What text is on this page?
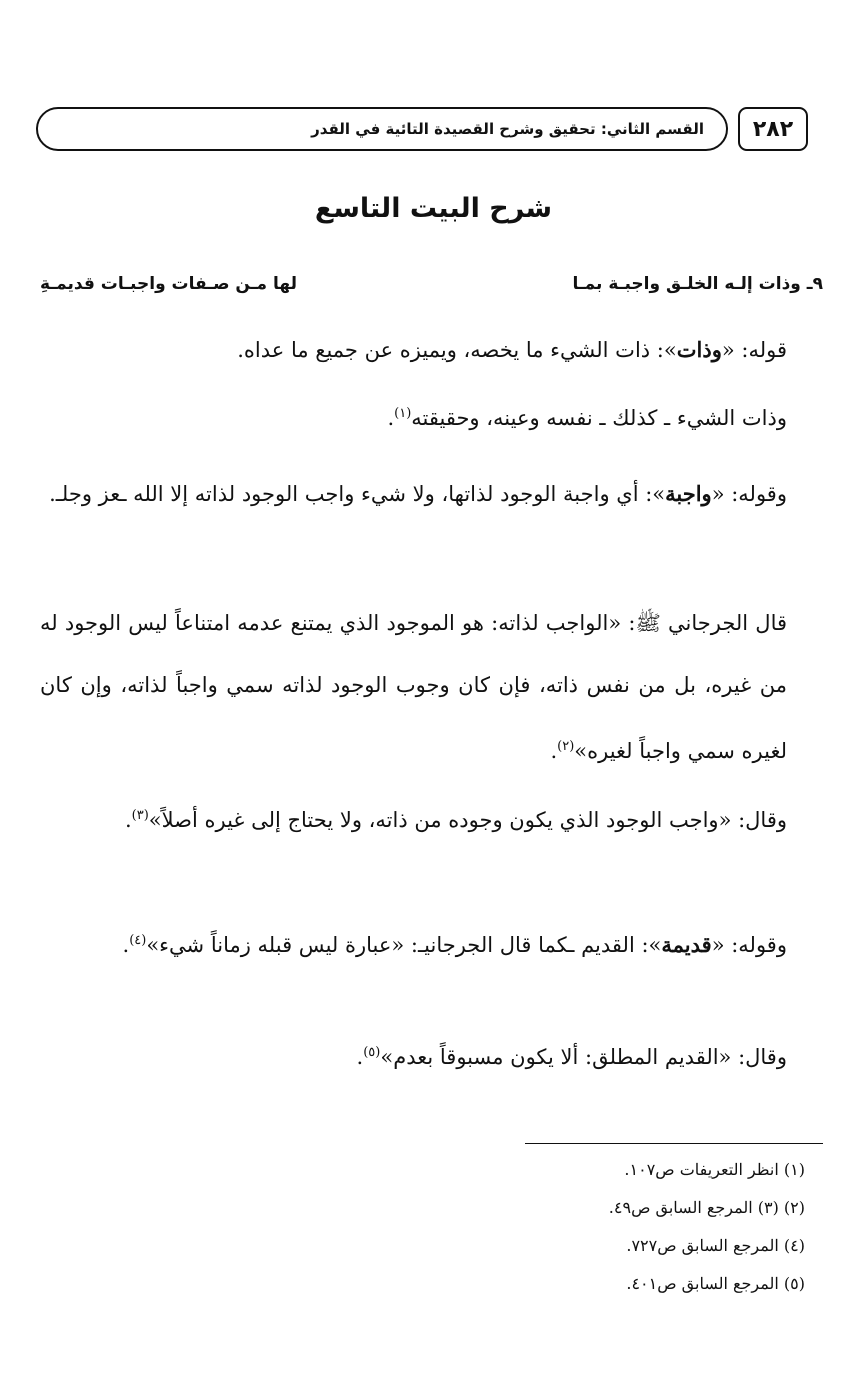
٢٨٢
القسم الثاني: تحقيق وشرح القصيدة التائية في القدر
شرح البيت التاسع
٩ـ وذات إلـه الخلـق واجبـة بمـا
لها مـن صـفات واجبـات قديمـةِ
قوله: «وذات»: ذات الشيء ما يخصه، ويميزه عن جميع ما عداه.
وذات الشيء ـ كذلك ـ نفسه وعينه، وحقيقته$^{(١)}$.
وقوله: «واجبة»: أي واجبة الوجود لذاتها، ولا شيء واجب الوجود لذاته إلا الله ـعز وجلـ.
قال الجرجاني ﷺ: «الواجب لذاته: هو الموجود الذي يمتنع عدمه امتناعاً ليس الوجود له من غيره، بل من نفس ذاته، فإن كان وجوب الوجود لذاته سمي واجباً لذاته، وإن كان لغيره سمي واجباً لغيره»$^{(٢)}$.
وقال: «واجب الوجود الذي يكون وجوده من ذاته، ولا يحتاج إلى غيره أصلاً»$^{(٣)}$.
وقوله: «قديمة»: القديم ـكما قال الجرجانيـ: «عبارة ليس قبله زماناً شيء»$^{(٤)}$.
وقال: «القديم المطلق: ألا يكون مسبوقاً بعدم»$^{(٥)}$.
(١) انظر التعريفات ص١٠٧.
(٢) (٣) المرجع السابق ص٤٩.
(٤) المرجع السابق ص٧٢٧.
(٥) المرجع السابق ص٤٠١.
